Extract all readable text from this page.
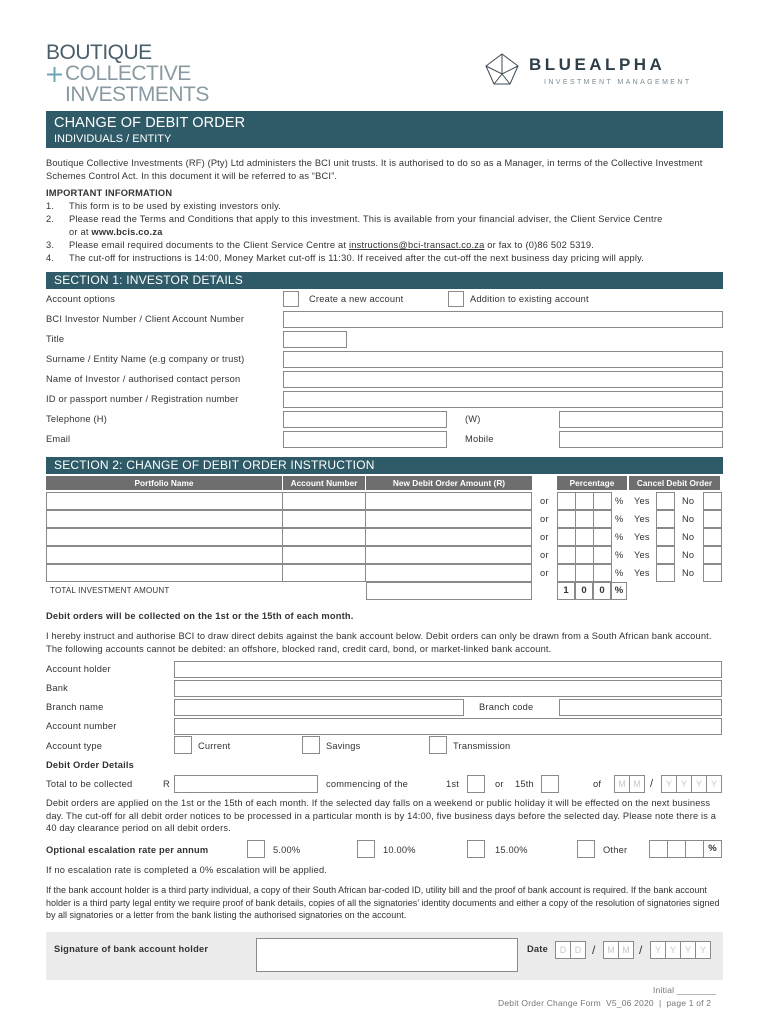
BOUTIQUE
COLLECTIVE
INVESTMENTS
BLUEALPHA
INVESTMENT MANAGEMENT
CHANGE OF DEBIT ORDER
INDIVIDUALS / ENTITY

Boutique Collective Investments (RF) (Pty) Ltd administers the BCI unit trusts. It is authorised to do so as a Manager, in terms of the Collective Investment Schemes Control Act. In this document it will be referred to as “BCI”.

IMPORTANT INFORMATION
1. This form is to be used by existing investors only.
2. Please read the Terms and Conditions that apply to this investment. This is available from your financial adviser, the Client Service Centre
or at www.bcis.co.za
3. Please email required documents to the Client Service Centre at instructions@bci-transact.co.za or fax to (0)86 502 5319.
4. The cut-off for instructions is 14:00, Money Market cut-off is 11:30. If received after the cut-off the next business day pricing will apply.
SECTION 1: INVESTOR DETAILS
Account options	Create a new account	Addition to existing account
BCI Investor Number / Client Account Number
Title
Surname / Entity Name (e.g company or trust)
Name of Investor / authorised contact person
ID or passport number / Registration number
Telephone (H)	(W)
Email	Mobile
SECTION 2: CHANGE OF DEBIT ORDER INSTRUCTION
Portfolio Name	Account Number	New Debit Order Amount (R)	Percentage	Cancel Debit Order
or	% Yes	No
or	% Yes	No
or	% Yes	No
or	% Yes	No
or	% Yes	No
TOTAL INVESTMENT AMOUNT	1	0	0	%
Debit orders will be collected on the 1st or the 15th of each month.

I hereby instruct and authorise BCI to draw direct debits against the bank account below. Debit orders can only be drawn from a South African bank account. The following accounts cannot be debited: an offshore, blocked rand, credit card, bond, or market-linked bank account.

Account holder
Bank
Branch name	Branch code
Account number
Account type	Current	Savings	Transmission
Debit Order Details
Total to be collected	R	commencing of the	1st	or 15th	of	M M /	Y Y Y Y

Debit orders are applied on the 1st or the 15th of each month. If the selected day falls on a weekend or public holiday it will be effected on the next business day. The cut-off for all debit order notices to be processed in a particular month is by 14:00, five business days before the selected day. Please note there is a 40 day clearance period on all debit orders.

Optional escalation rate per annum	5.00%	10.00%	15.00%	Other	%
If no escalation rate is completed a 0% escalation will be applied.

If the bank account holder is a third party individual, a copy of their South African bar-coded ID, utility bill and the proof of bank account is required. If the bank account holder is a third party legal entity we require proof of bank details, copies of all the signatories’ identity documents and either a copy of the resolution of signatories signed by all signatories or a letter from the bank listing the authorised signatories on the account.

Signature of bank account holder	Date	D D /	M M /	Y Y Y Y
Initial ________
Debit Order Change Form  V5_06 2020  |  page 1 of 2
